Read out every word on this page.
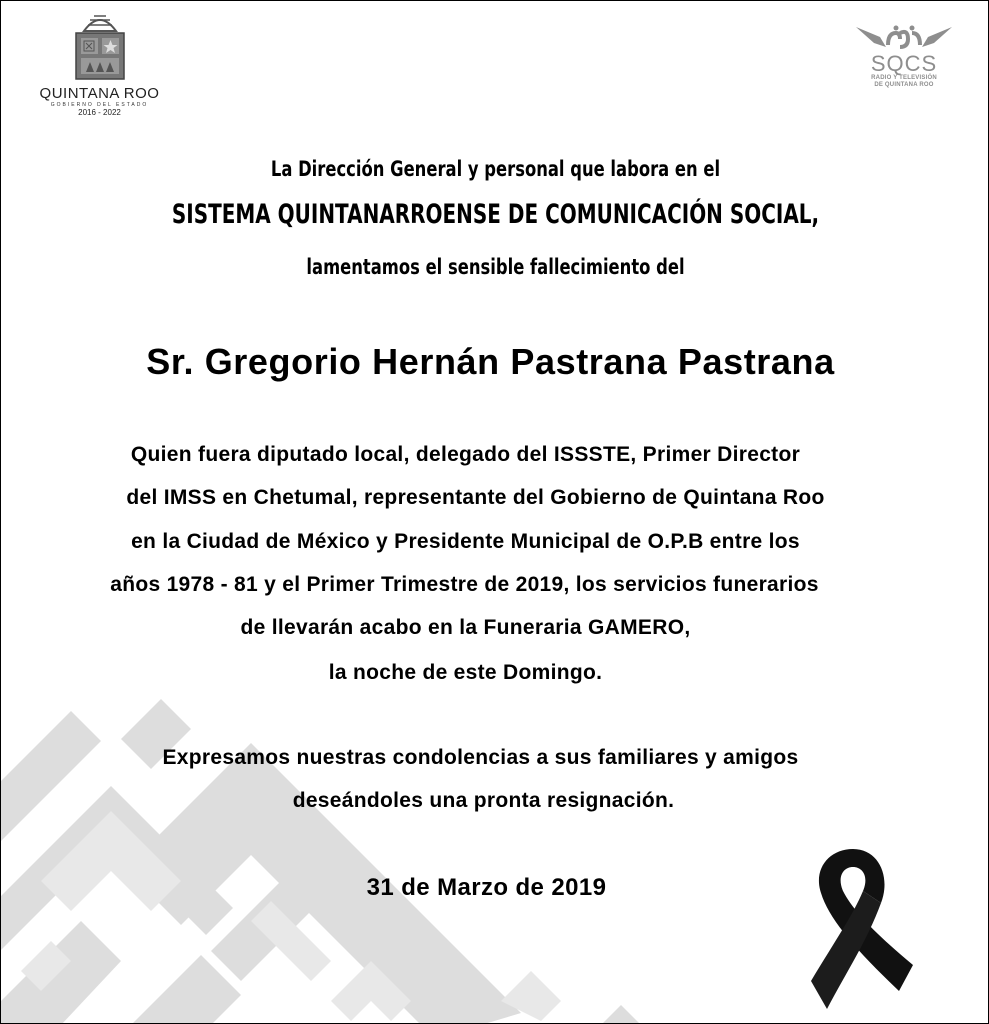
QUINTANA ROO
GOBIERNO DEL ESTADO
2016 - 2022
SQCS
RADIO Y TELEVISIÓN
DE QUINTANA ROO
La Dirección General y personal que labora en el
SISTEMA QUINTANARROENSE DE COMUNICACIÓN SOCIAL,
lamentamos el sensible fallecimiento del
Sr. Gregorio Hernán Pastrana Pastrana
Quien fuera diputado local, delegado del ISSSTE, Primer Director
del IMSS en Chetumal, representante del Gobierno de Quintana Roo
en la Ciudad de México y Presidente Municipal de O.P.B entre los
años 1978 - 81 y el Primer Trimestre de 2019, los servicios funerarios
de llevarán acabo en la Funeraria GAMERO,
la noche de este Domingo.
Expresamos nuestras condolencias a sus familiares y amigos
deseándoles una pronta resignación.
31 de Marzo de 2019
